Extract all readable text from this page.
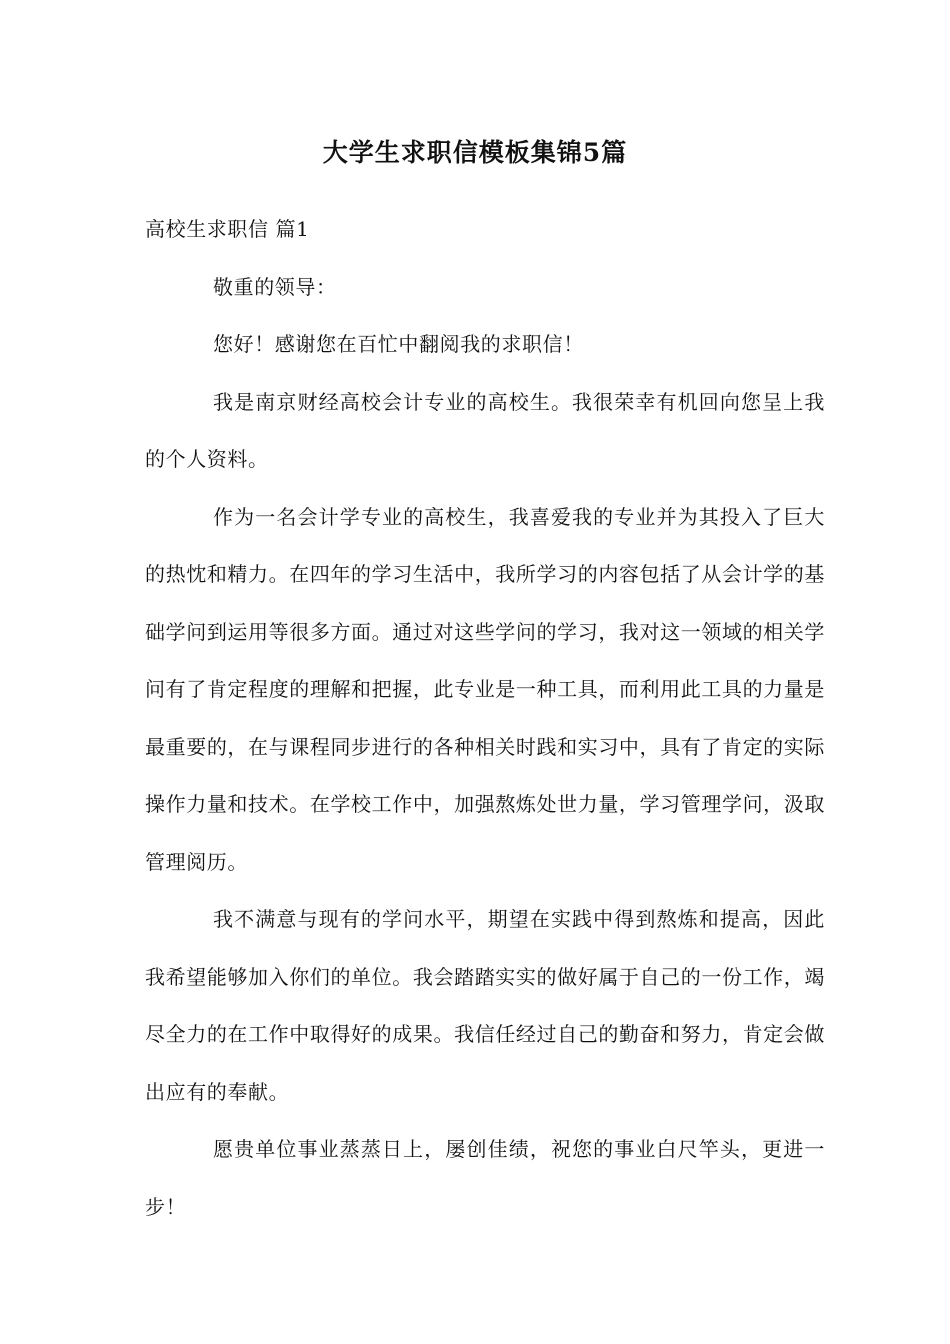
大学生求职信模板集锦5篇

高校生求职信 篇1

敬重的领导：

您好！感谢您在百忙中翻阅我的求职信！

我是南京财经高校会计专业的高校生。我很荣幸有机回向您呈上我的个人资料。

作为一名会计学专业的高校生，我喜爱我的专业并为其投入了巨大的热忱和精力。在四年的学习生活中，我所学习的内容包括了从会计学的基础学问到运用等很多方面。通过对这些学问的学习，我对这一领域的相关学问有了肯定程度的理解和把握，此专业是一种工具，而利用此工具的力量是最重要的，在与课程同步进行的各种相关时践和实习中，具有了肯定的实际操作力量和技术。在学校工作中，加强熬炼处世力量，学习管理学问，汲取管理阅历。

我不满意与现有的学问水平，期望在实践中得到熬炼和提高，因此我希望能够加入你们的单位。我会踏踏实实的做好属于自己的一份工作，竭尽全力的在工作中取得好的成果。我信任经过自己的勤奋和努力，肯定会做出应有的奉献。

愿贵单位事业蒸蒸日上，屡创佳绩，祝您的事业白尺竿头，更进一步！
